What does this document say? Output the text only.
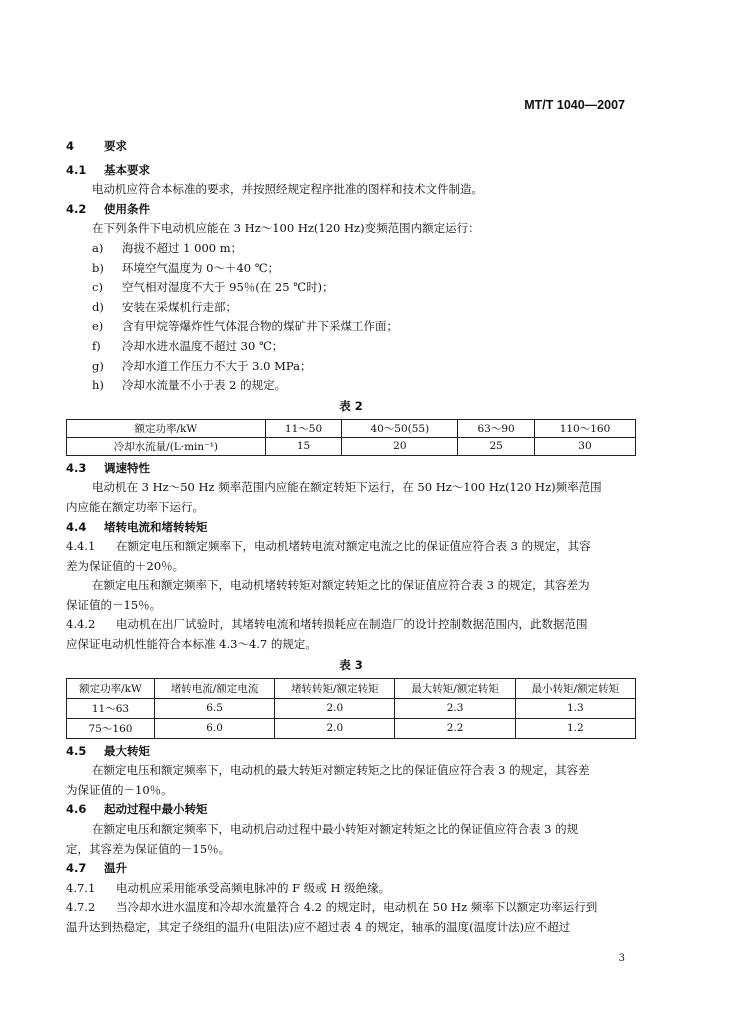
MT/T 1040—2007
4	要求
4.1 基本要求
电动机应符合本标准的要求，并按照经规定程序批准的图样和技术文件制造。
4.2 使用条件
在下列条件下电动机应能在 3 Hz～100 Hz(120 Hz)变频范围内额定运行：
a) 海拔不超过 1 000 m；
b) 环境空气温度为 0～＋40 ℃；
c) 空气相对湿度不大于 95％(在 25 ℃时)；
d) 安装在采煤机行走部；
e) 含有甲烷等爆炸性气体混合物的煤矿井下采煤工作面；
f) 冷却水进水温度不超过 30 ℃；
g) 冷却水道工作压力不大于 3.0 MPa；
h) 冷却水流量不小于表 2 的规定。
表 2
额定功率/kW	11～50	40～50(55)	63～90	110～160
冷却水流量/(L·min⁻¹)	15	20	25	30
4.3 调速特性
电动机在 3 Hz～50 Hz 频率范围内应能在额定转矩下运行，在 50 Hz～100 Hz(120 Hz)频率范围
内应能在额定功率下运行。
4.4 堵转电流和堵转转矩
4.4.1 在额定电压和额定频率下，电动机堵转电流对额定电流之比的保证值应符合表 3 的规定，其容
差为保证值的＋20％。
在额定电压和额定频率下，电动机堵转转矩对额定转矩之比的保证值应符合表 3 的规定，其容差为
保证值的－15％。
4.4.2 电动机在出厂试验时，其堵转电流和堵转损耗应在制造厂的设计控制数据范围内，此数据范围
应保证电动机性能符合本标准 4.3～4.7 的规定。
表 3
额定功率/kW	堵转电流/额定电流	堵转转矩/额定转矩	最大转矩/额定转矩	最小转矩/额定转矩
11～63	6.5	2.0	2.3	1.3
75～160	6.0	2.0	2.2	1.2
4.5 最大转矩
在额定电压和额定频率下，电动机的最大转矩对额定转矩之比的保证值应符合表 3 的规定，其容差
为保证值的－10％。
4.6 起动过程中最小转矩
在额定电压和额定频率下，电动机启动过程中最小转矩对额定转矩之比的保证值应符合表 3 的规
定，其容差为保证值的－15％。
4.7 温升
4.7.1 电动机应采用能承受高频电脉冲的 F 级或 H 级绝缘。
4.7.2 当冷却水进水温度和冷却水流量符合 4.2 的规定时，电动机在 50 Hz 频率下以额定功率运行到
温升达到热稳定，其定子绕组的温升(电阻法)应不超过表 4 的规定，轴承的温度(温度计法)应不超过
3
